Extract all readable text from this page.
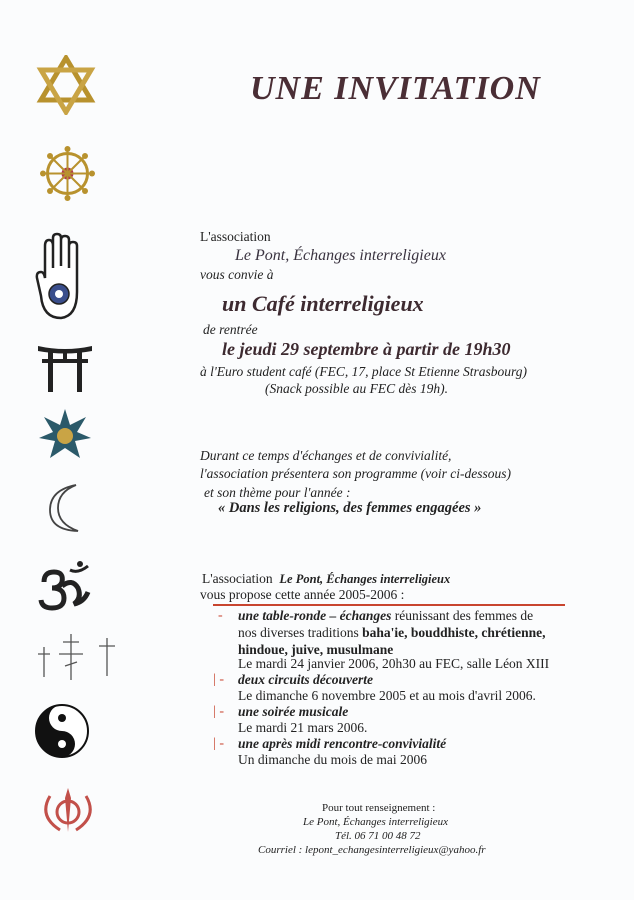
UNE INVITATION
L'association
Le Pont, Échanges interreligieux
vous convie à
un Café interreligieux
de rentrée
le jeudi 29 septembre à partir de 19h30
à l'Euro student café (FEC, 17, place St Etienne Strasbourg)
(Snack possible au FEC dès 19h).
Durant ce temps d'échanges et de convivialité,
l'association présentera son programme (voir ci-dessous)
et son thème pour l'année :
« Dans les religions, des femmes engagées »
L'association Le Pont, Échanges interreligieux
vous propose cette année 2005-2006 :
- une table-ronde – échanges réunissant des femmes de
nos diverses traditions baha'ie, bouddhiste, chrétienne,
hindoue, juive, musulmane
Le mardi 24 janvier 2006, 20h30 au FEC, salle Léon XIII
| - deux circuits découverte
Le dimanche 6 novembre 2005 et au mois d'avril 2006.
| - une soirée musicale
Le mardi 21 mars 2006.
| - une après midi rencontre-convivialité
Un dimanche du mois de mai 2006
Pour tout renseignement :
Le Pont, Échanges interreligieux
Tél. 06 71 00 48 72
Courriel : lepont_echangesinterreligieux@yahoo.fr
